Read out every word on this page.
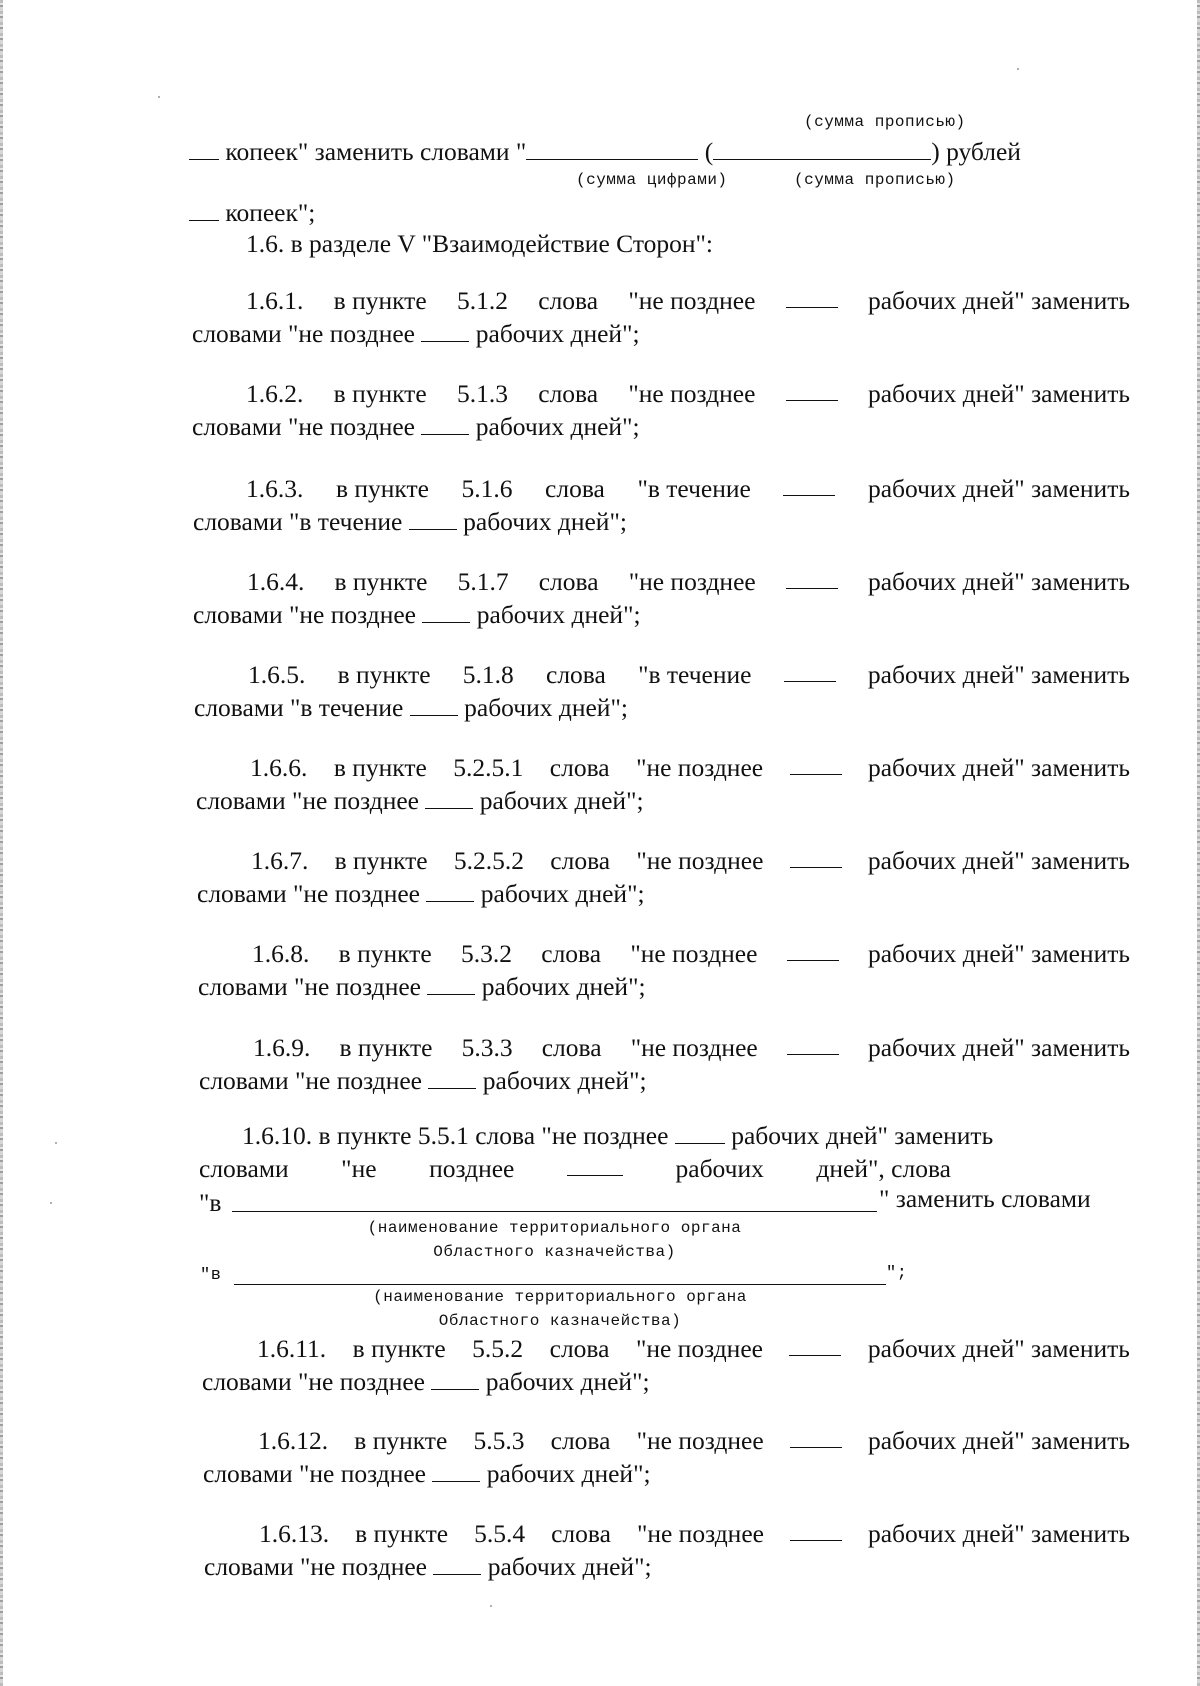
(сумма прописью)
копеек" заменить словами "	(	) рублей
(сумма цифрами)	(сумма прописью)
копеек";
1.6. в разделе V "Взаимодействие Сторон":
1.6.1. в пункте 5.1.2 слова "не позднее	рабочих дней" заменить
словами "не позднее рабочих дней";
1.6.2. в пункте 5.1.3 слова "не позднее	рабочих дней" заменить
словами "не позднее рабочих дней";
1.6.3. в пункте 5.1.6 слова "в течение	рабочих дней" заменить
словами "в течение рабочих дней";
1.6.4. в пункте 5.1.7 слова "не позднее	рабочих дней" заменить
словами "не позднее рабочих дней";
1.6.5. в пункте 5.1.8 слова "в течение	рабочих дней" заменить
словами "в течение рабочих дней";
1.6.6. в пункте 5.2.5.1 слова "не позднее	рабочих дней" заменить
словами "не позднее рабочих дней";
1.6.7. в пункте 5.2.5.2 слова "не позднее	рабочих дней" заменить
словами "не позднее рабочих дней";
1.6.8. в пункте 5.3.2 слова "не позднее	рабочих дней" заменить
словами "не позднее рабочих дней";
1.6.9. в пункте 5.3.3 слова "не позднее	рабочих дней" заменить
словами "не позднее рабочих дней";
1.6.11. в пункте 5.5.2 слова "не позднее	рабочих дней" заменить
словами "не позднее рабочих дней";
1.6.12. в пункте 5.5.3 слова "не позднее	рабочих дней" заменить
словами "не позднее рабочих дней";
1.6.13. в пункте 5.5.4 слова "не позднее	рабочих дней" заменить
словами "не позднее рабочих дней";
1.6.10. в пункте 5.5.1 слова "не позднее рабочих дней" заменить
словами "не позднее	рабочих дней", слова
"в	" заменить словами
(наименование территориального органа
Областного казначейства)
"в	";
(наименование территориального органа
Областного казначейства)
